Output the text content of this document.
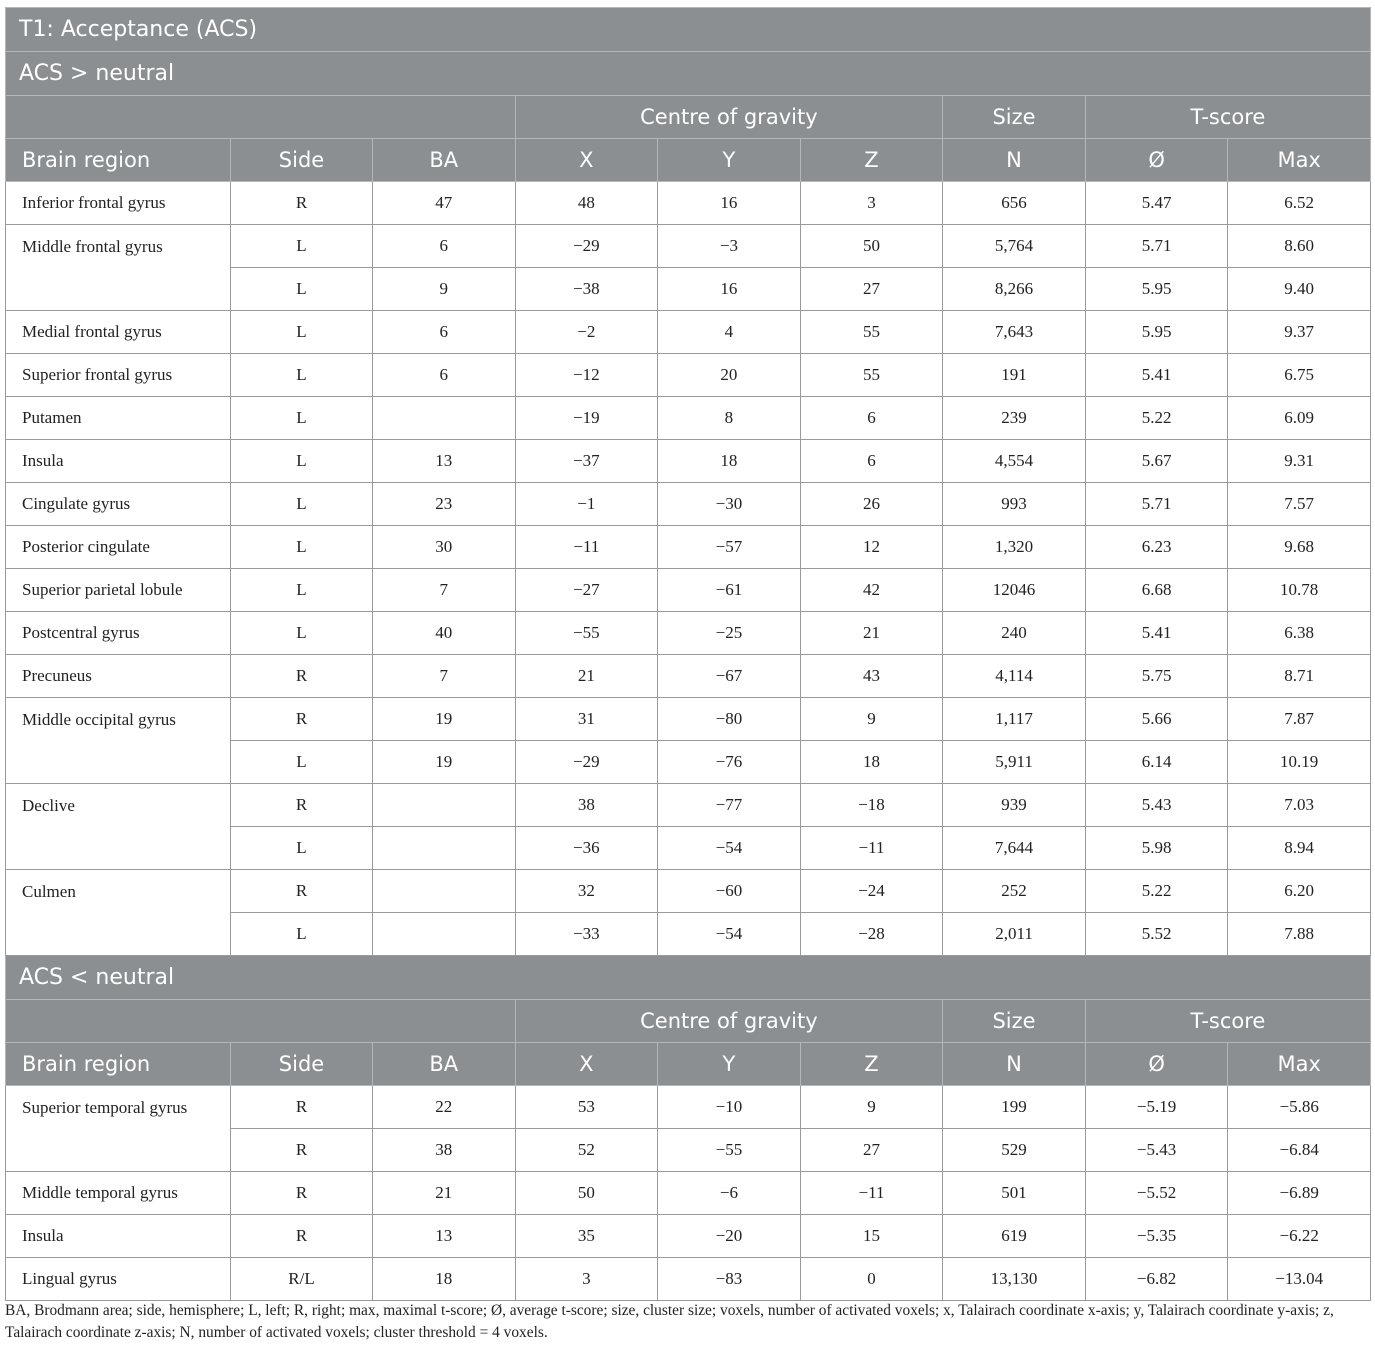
T1: Acceptance (ACS)								
ACS > neutral								
			Centre of gravity			Size	T-score	
Brain region	Side	BA	X	Y	Z	N	Ø	Max
Inferior frontal gyrus	R	47	48	16	3	656	5.47	6.52
Middle frontal gyrus	L	6	−29	−3	50	5,764	5.71	8.60
	L	9	−38	16	27	8,266	5.95	9.40
Medial frontal gyrus	L	6	−2	4	55	7,643	5.95	9.37
Superior frontal gyrus	L	6	−12	20	55	191	5.41	6.75
Putamen	L		−19	8	6	239	5.22	6.09
Insula	L	13	−37	18	6	4,554	5.67	9.31
Cingulate gyrus	L	23	−1	−30	26	993	5.71	7.57
Posterior cingulate	L	30	−11	−57	12	1,320	6.23	9.68
Superior parietal lobule	L	7	−27	−61	42	12046	6.68	10.78
Postcentral gyrus	L	40	−55	−25	21	240	5.41	6.38
Precuneus	R	7	21	−67	43	4,114	5.75	8.71
Middle occipital gyrus	R	19	31	−80	9	1,117	5.66	7.87
	L	19	−29	−76	18	5,911	6.14	10.19
Declive	R		38	−77	−18	939	5.43	7.03
	L		−36	−54	−11	7,644	5.98	8.94
Culmen	R		32	−60	−24	252	5.22	6.20
	L		−33	−54	−28	2,011	5.52	7.88
ACS < neutral								
			Centre of gravity			Size	T-score	
Brain region	Side	BA	X	Y	Z	N	Ø	Max
Superior temporal gyrus	R	22	53	−10	9	199	−5.19	−5.86
	R	38	52	−55	27	529	−5.43	−6.84
Middle temporal gyrus	R	21	50	−6	−11	501	−5.52	−6.89
Insula	R	13	35	−20	15	619	−5.35	−6.22
Lingual gyrus	R/L	18	3	−83	0	13,130	−6.82	−13.04
BA, Brodmann area; side, hemisphere; L, left; R, right; max, maximal t-score; Ø, average t-score; size, cluster size; voxels, number of activated voxels; x, Talairach coordinate x-axis; y, Talairach coordinate y-axis; z, Talairach coordinate z-axis; N, number of activated voxels; cluster threshold = 4 voxels.
